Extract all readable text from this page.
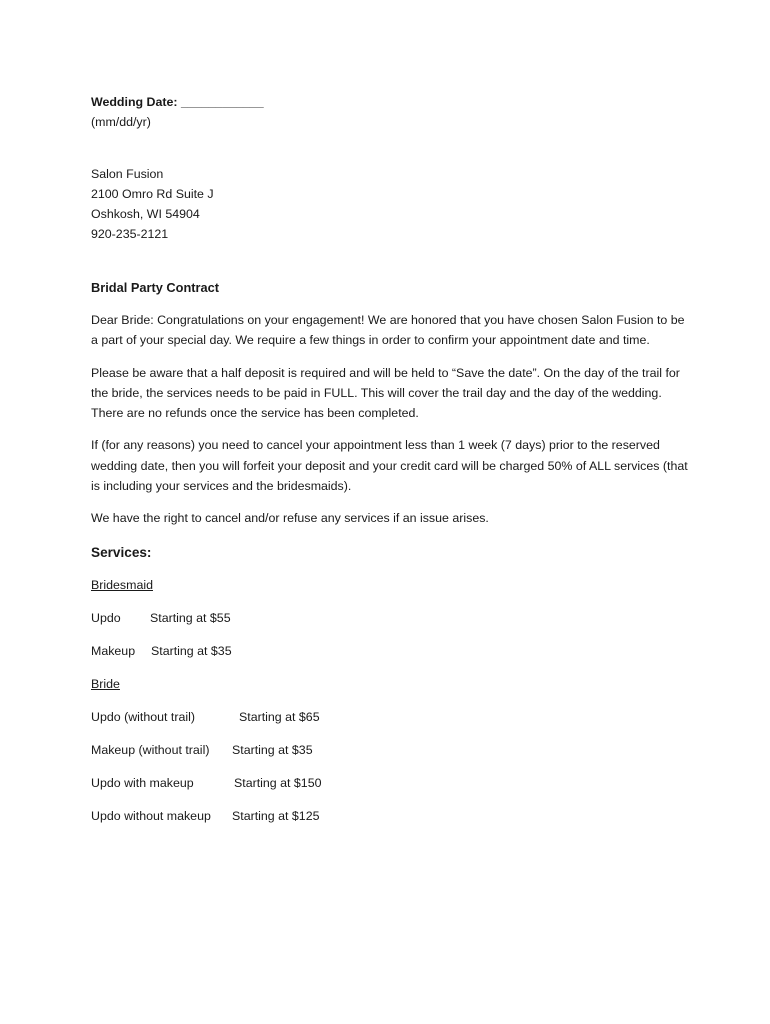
Wedding Date: ____________
(mm/dd/yr)
Salon Fusion
2100 Omro Rd Suite J
Oshkosh, WI 54904
920-235-2121
Bridal Party Contract

Dear Bride: Congratulations on your engagement! We are honored that you have chosen Salon Fusion to be a part of your special day. We require a few things in order to confirm your appointment date and time.

Please be aware that a half deposit is required and will be held to “Save the date”. On the day of the trail for the bride, the services needs to be paid in FULL. This will cover the trail day and the day of the wedding. There are no refunds once the service has been completed.

If (for any reasons) you need to cancel your appointment less than 1 week (7 days) prior to the reserved wedding date, then you will forfeit your deposit and your credit card will be charged 50% of ALL services (that is including your services and the bridesmaids).

We have the right to cancel and/or refuse any services if an issue arises.

Services:
Bridesmaid
Updo	Starting at $55
Makeup	Starting at $35
Bride
Updo (without trail)	Starting at $65
Makeup (without trail)	Starting at $35
Updo with makeup	Starting at $150
Updo without makeup	Starting at $125
